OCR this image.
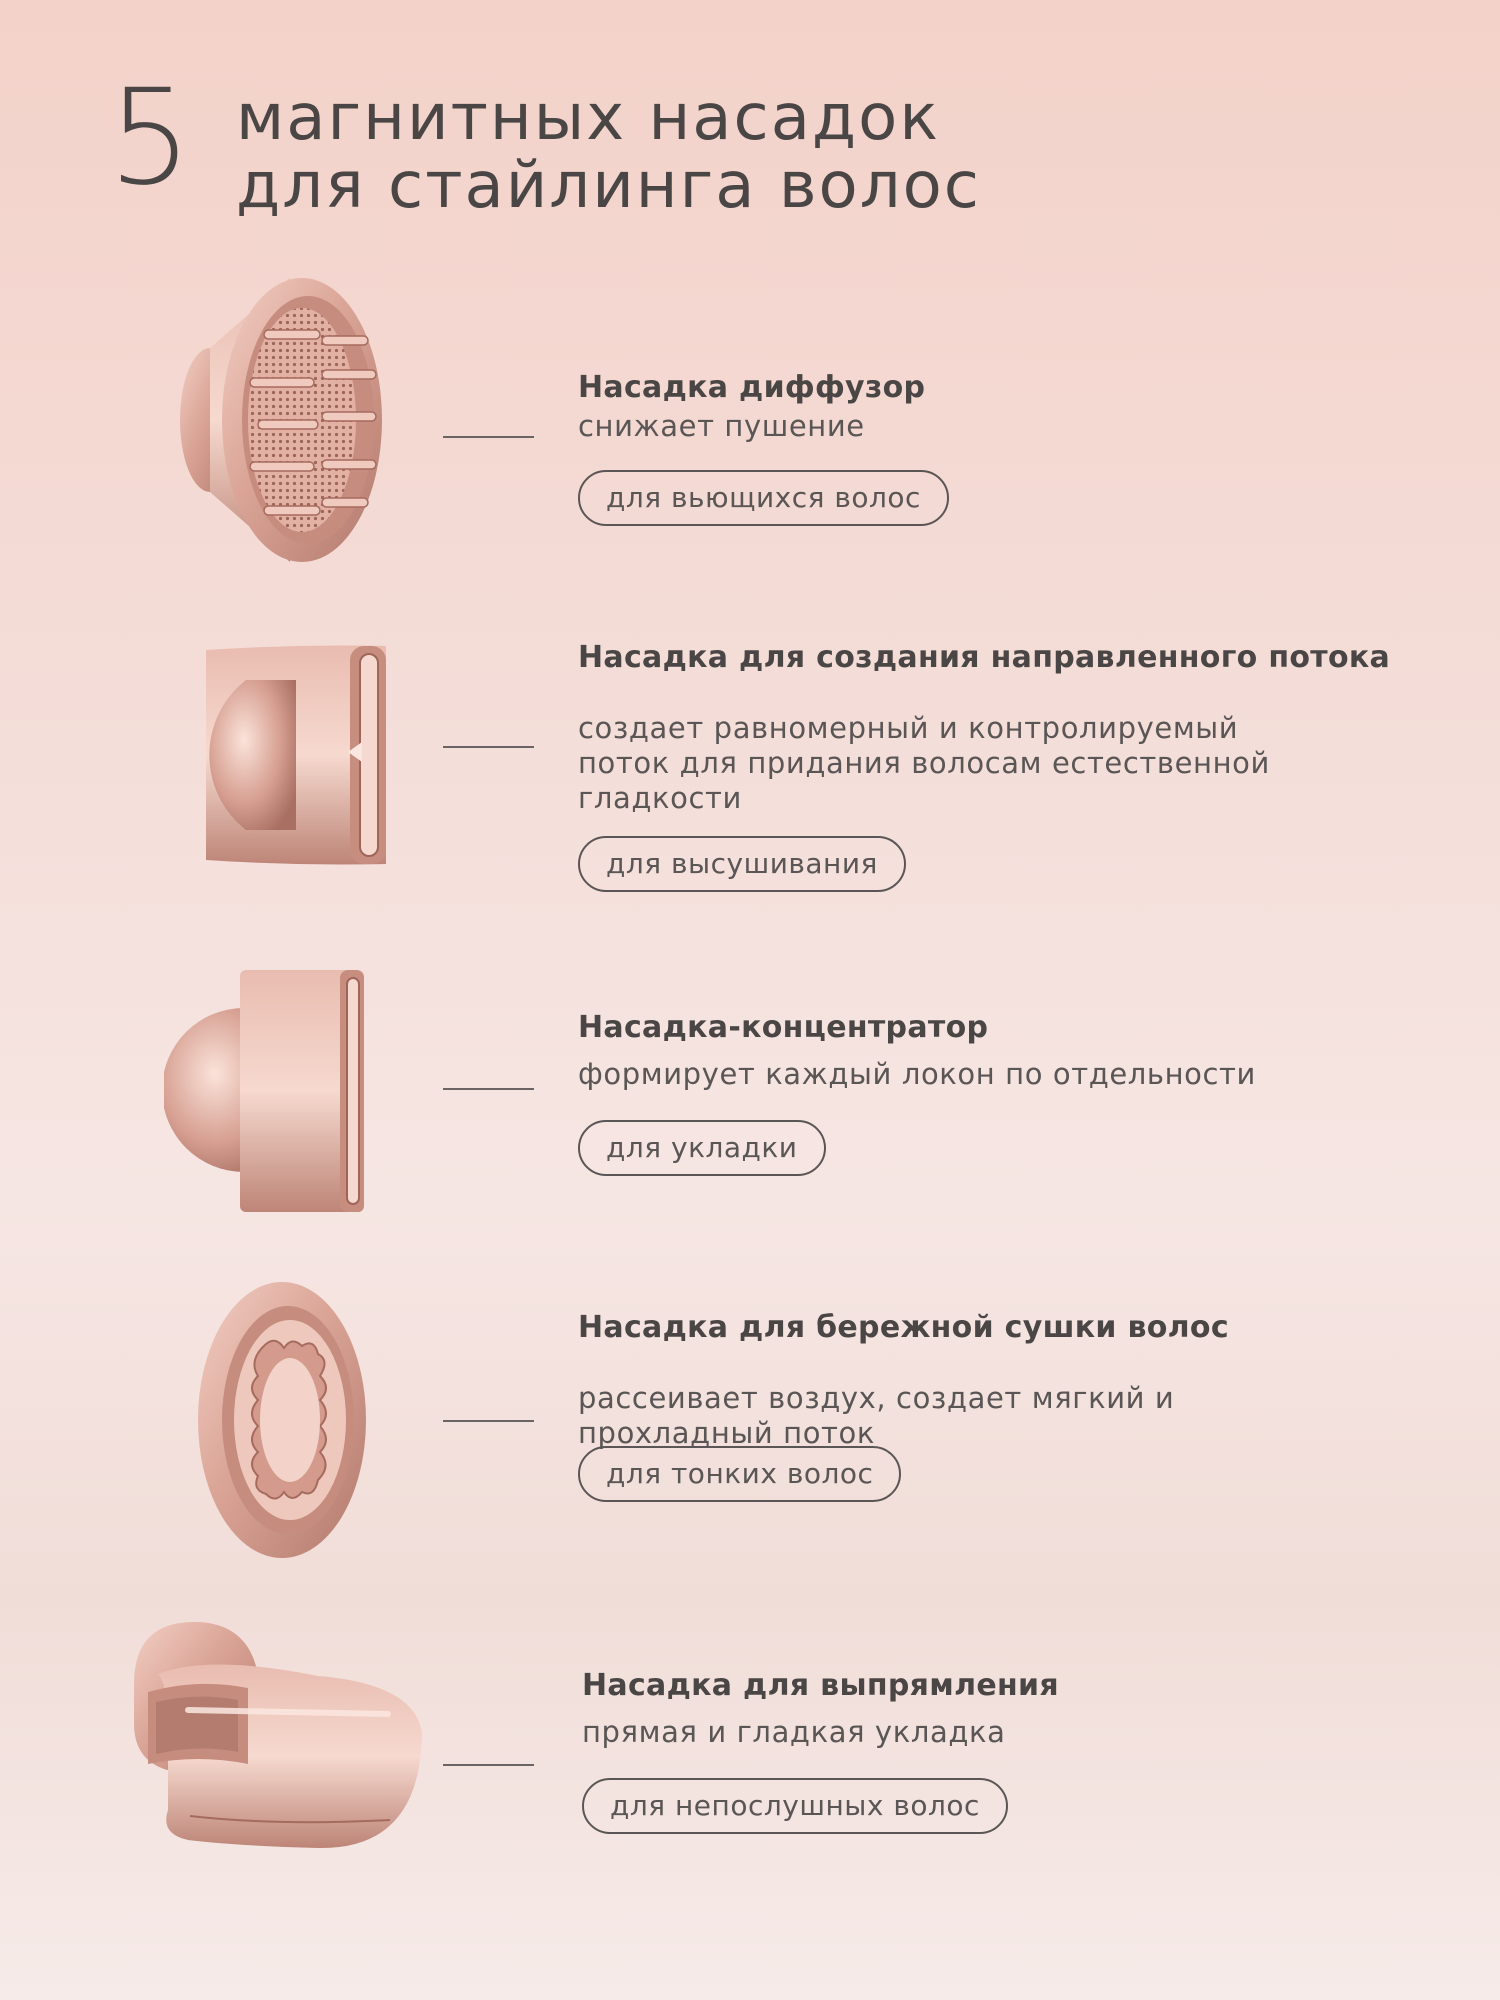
5 магнитных насадок
для стайлинга волос

Насадка диффузор

снижает пушение

для вьющихся волос

Насадка для создания направленного потока

создает равномерный и контролируемый

поток для придания волосам естественной

гладкости

для высушивания

Насадка-концентратор

формирует каждый локон по отдельности

для укладки

Насадка для бережной сушки волос

рассеивает воздух, создает мягкий и

прохладный поток

для тонких волос

Насадка для выпрямления

прямая и гладкая укладка

для непослушных волос
